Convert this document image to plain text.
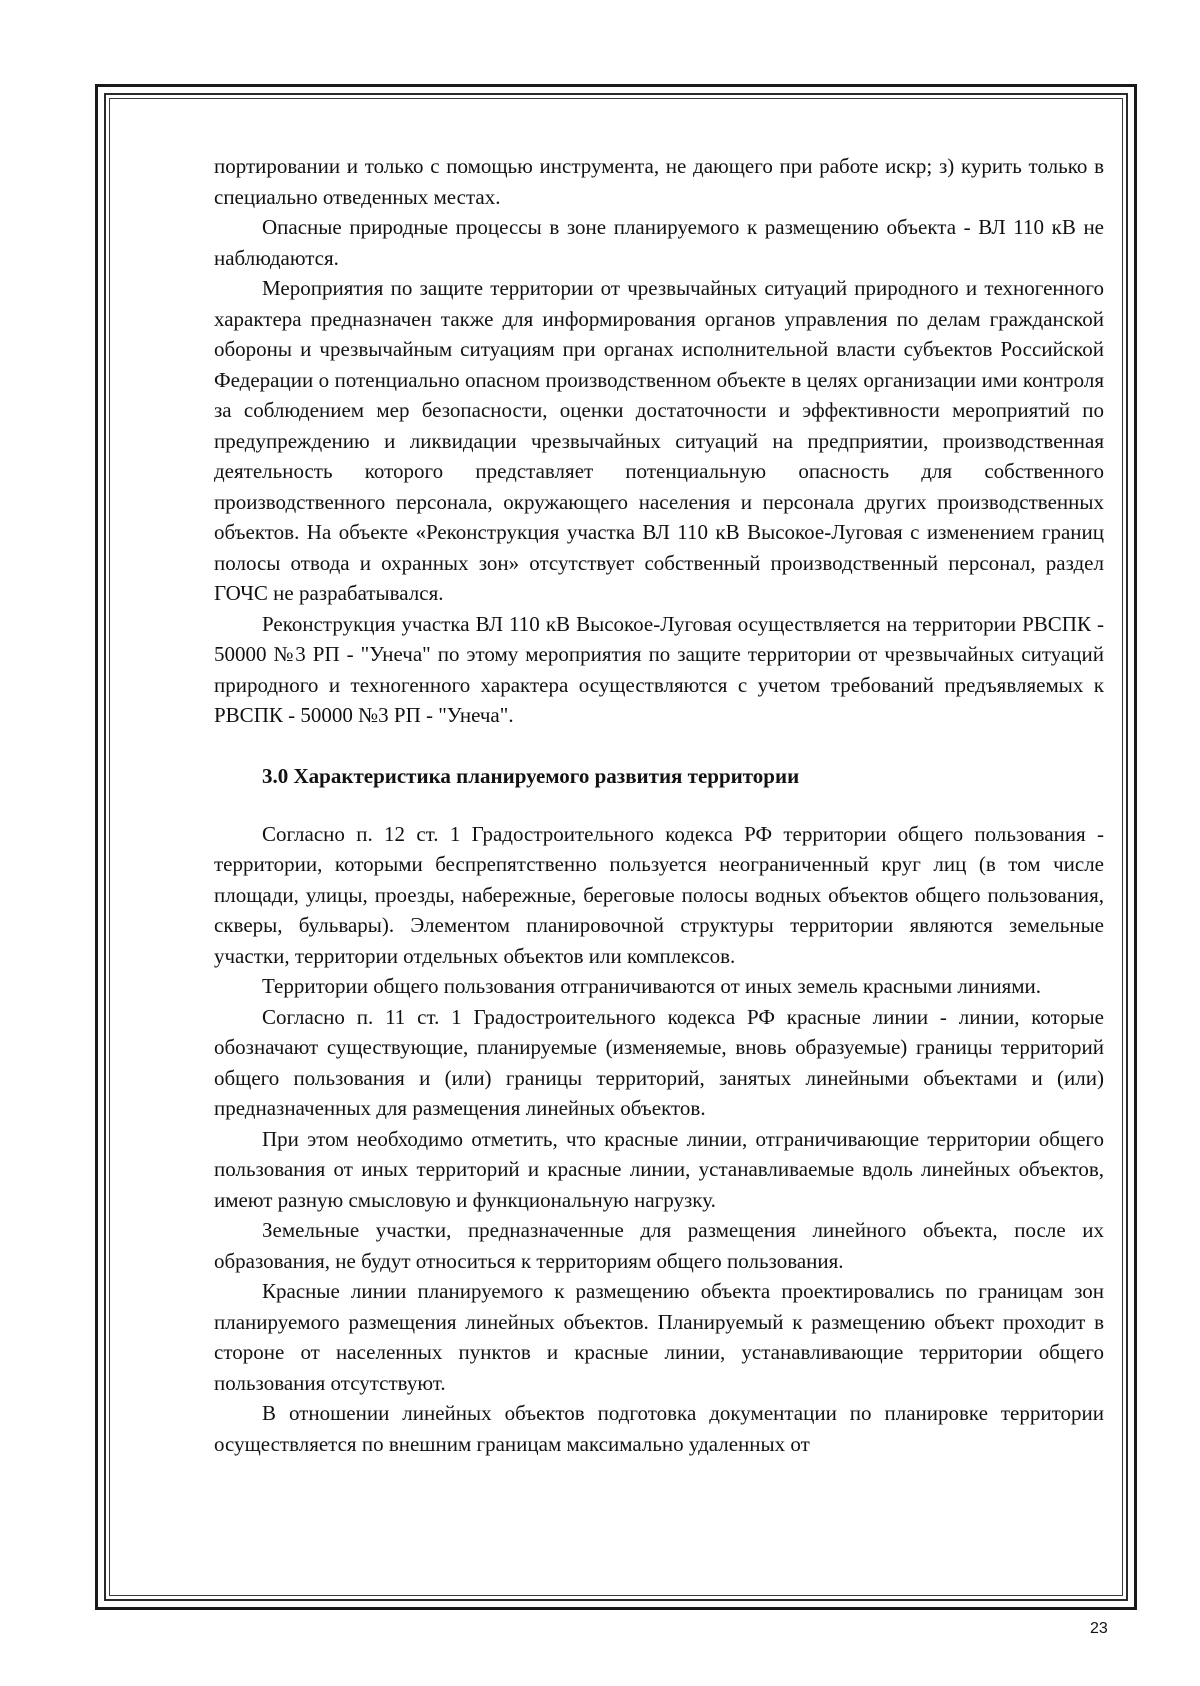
портировании и только с помощью инструмента, не дающего при работе искр; з) курить только в специально отведенных местах.

Опасные природные процессы в зоне планируемого к размещению объекта - ВЛ 110 кВ не наблюдаются.

Мероприятия по защите территории от чрезвычайных ситуаций природного и техногенного характера предназначен также для информирования органов управления по делам гражданской обороны и чрезвычайным ситуациям при органах исполнительной власти субъектов Российской Федерации о потенциально опасном производственном объекте в целях организации ими контроля за соблюдением мер безопасности, оценки достаточности и эффективности мероприятий по предупреждению и ликвидации чрезвычайных ситуаций на предприятии, производственная деятельность которого представляет потенциальную опасность для собственного производственного персонала, окружающего населения и персонала других производственных объектов. На объекте «Реконструкция участка ВЛ 110 кВ Высокое-Луговая с изменением границ полосы отвода и охранных зон» отсутствует собственный производственный персонал, раздел ГОЧС не разрабатывался.

Реконструкция участка ВЛ 110 кВ Высокое-Луговая осуществляется на территории РВСПК - 50000 №3 РП - "Унеча" по этому мероприятия по защите территории от чрезвычайных ситуаций природного и техногенного характера осуществляются с учетом требований предъявляемых к РВСПК - 50000 №3 РП - "Унеча".

3.0 Характеристика планируемого развития территории

Согласно п. 12 ст. 1 Градостроительного кодекса РФ территории общего пользования - территории, которыми беспрепятственно пользуется неограниченный круг лиц (в том числе площади, улицы, проезды, набережные, береговые полосы водных объектов общего пользования, скверы, бульвары). Элементом планировочной структуры территории являются земельные участки, территории отдельных объектов или комплексов.

Территории общего пользования отграничиваются от иных земель красными линиями.

Согласно п. 11 ст. 1 Градостроительного кодекса РФ красные линии - линии, которые обозначают существующие, планируемые (изменяемые, вновь образуемые) границы территорий общего пользования и (или) границы территорий, занятых линейными объектами и (или) предназначенных для размещения линейных объектов.

При этом необходимо отметить, что красные линии, отграничивающие территории общего пользования от иных территорий и красные линии, устанавливаемые вдоль линейных объектов, имеют разную смысловую и функциональную нагрузку.

Земельные участки, предназначенные для размещения линейного объекта, после их образования, не будут относиться к территориям общего пользования.

Красные линии планируемого к размещению объекта проектировались по границам зон планируемого размещения линейных объектов. Планируемый к размещению объект проходит в стороне от населенных пунктов и красные линии, устанавливающие территории общего пользования отсутствуют.

В отношении линейных объектов подготовка документации по планировке территории осуществляется по внешним границам максимально удаленных от

23
